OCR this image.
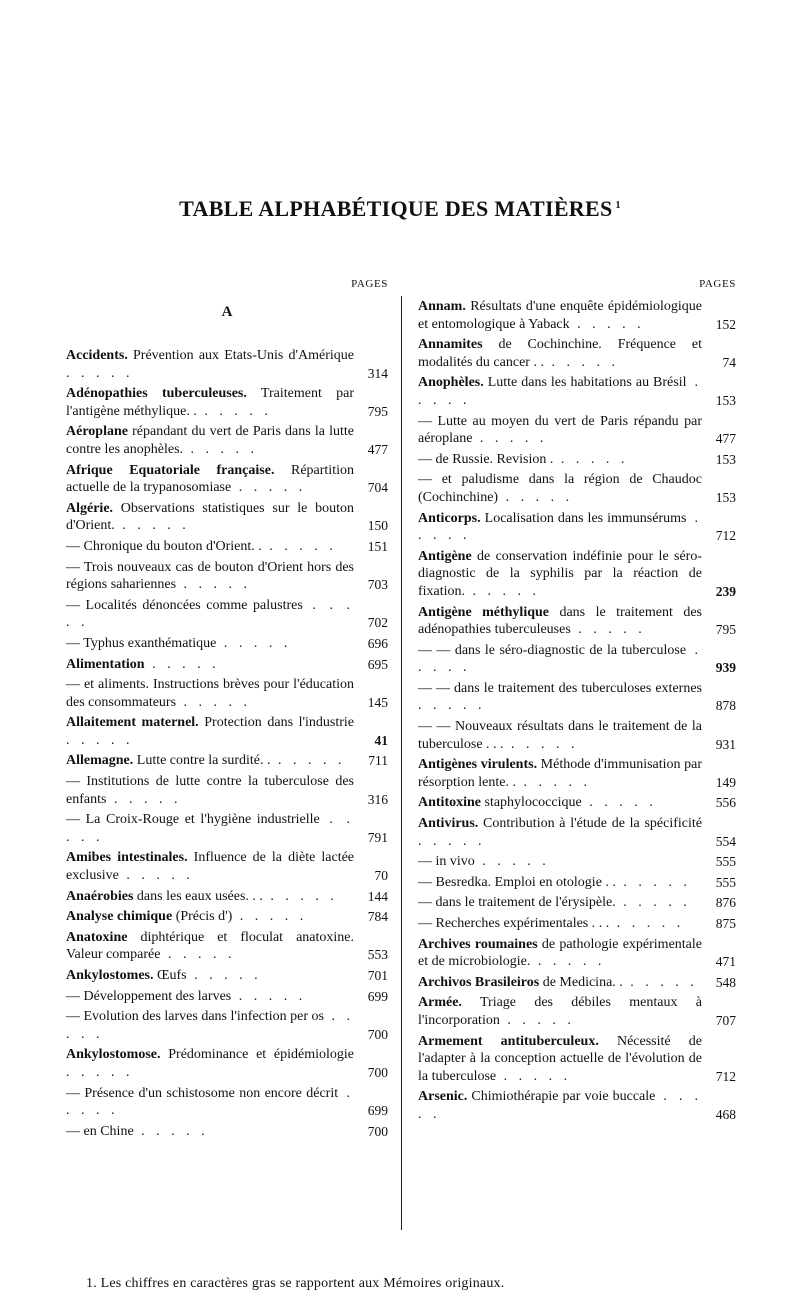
TABLE ALPHABÉTIQUE DES MATIÈRES $^1$
PAGES
A
Accidents. Prévention aux Etats-Unis d'Amérique . . . . .	314
Adénopathies tuberculeuses. Traitement par l'antigène méthylique. . . . . . .	795
Aéroplane répandant du vert de Paris dans la lutte contre les anophèles. . . . . .	477
Afrique Equatoriale française. Répartition actuelle de la trypanosomiase . . . . .	704
Algérie. Observations statistiques sur le bouton d'Orient. . . . . .	150
— Chronique du bouton d'Orient. . . . . . .	151
— Trois nouveaux cas de bouton d'Orient hors des régions sahariennes . . . . .	703
— Localités dénoncées comme palustres . . . . .	702
— Typhus exanthématique . . . . .	696
Alimentation . . . . .	695
— et aliments. Instructions brèves pour l'éducation des consommateurs . . . . .	145
Allaitement maternel. Protection dans l'industrie . . . . .	41
Allemagne. Lutte contre la surdité. . . . . . .	711
— Institutions de lutte contre la tuberculose des enfants . . . . .	316
— La Croix-Rouge et l'hygiène industrielle . . . . .	791
Amibes intestinales. Influence de la diète lactée exclusive . . . . .	70
Anaérobies dans les eaux usées. . . . . . . .	144
Analyse chimique (Précis d') . . . . .	784
Anatoxine diphtérique et floculat anatoxine. Valeur comparée . . . . .	553
Ankylostomes. Œufs . . . . .	701
— Développement des larves . . . . .	699
— Evolution des larves dans l'infection per os . . . . .	700
Ankylostomose. Prédominance et épidémiologie . . . . .	700
— Présence d'un schistosome non encore décrit . . . . .	699
— en Chine . . . . .	700
PAGES
Annam. Résultats d'une enquête épidémiologique et entomologique à Yaback . . . . .	152
Annamites de Cochinchine. Fréquence et modalités du cancer . . . . . . .	74
Anophèles. Lutte dans les habitations au Brésil . . . . .	153
— Lutte au moyen du vert de Paris répandu par aéroplane . . . . .	477
— de Russie. Revision . . . . . .	153
— et paludisme dans la région de Chaudoc (Cochinchine) . . . . .	153
Anticorps. Localisation dans les immunsérums . . . . .	712
Antigène de conservation indéfinie pour le séro-diagnostic de la syphilis par la réaction de fixation. . . . . .	239
Antigène méthylique dans le traitement des adénopathies tuberculeuses . . . . .	795
— — dans le séro-diagnostic de la tuberculose . . . . .	939
— — dans le traitement des tuberculoses externes . . . . .	878
— — Nouveaux résultats dans le traitement de la tuberculose . . . . . . . .	931
Antigènes virulents. Méthode d'immunisation par résorption lente. . . . . . .	149
Antitoxine staphylococcique . . . . .	556
Antivirus. Contribution à l'étude de la spécificité . . . . .	554
— in vivo . . . . .	555
— Besredka. Emploi en otologie . . . . . . .	555
— dans le traitement de l'érysipèle. . . . . .	876
— Recherches expérimentales . . . . . . . .	875
Archives roumaines de pathologie expérimentale et de microbiologie. . . . . .	471
Archivos Brasileiros de Medicina. . . . . . .	548
Armée. Triage des débiles mentaux à l'incorporation . . . . .	707
Armement antituberculeux. Nécessité de l'adapter à la conception actuelle de l'évolution de la tuberculose . . . . .	712
Arsenic. Chimiothérapie par voie buccale . . . . .	468
1. Les chiffres en caractères gras se rapportent aux Mémoires originaux.
